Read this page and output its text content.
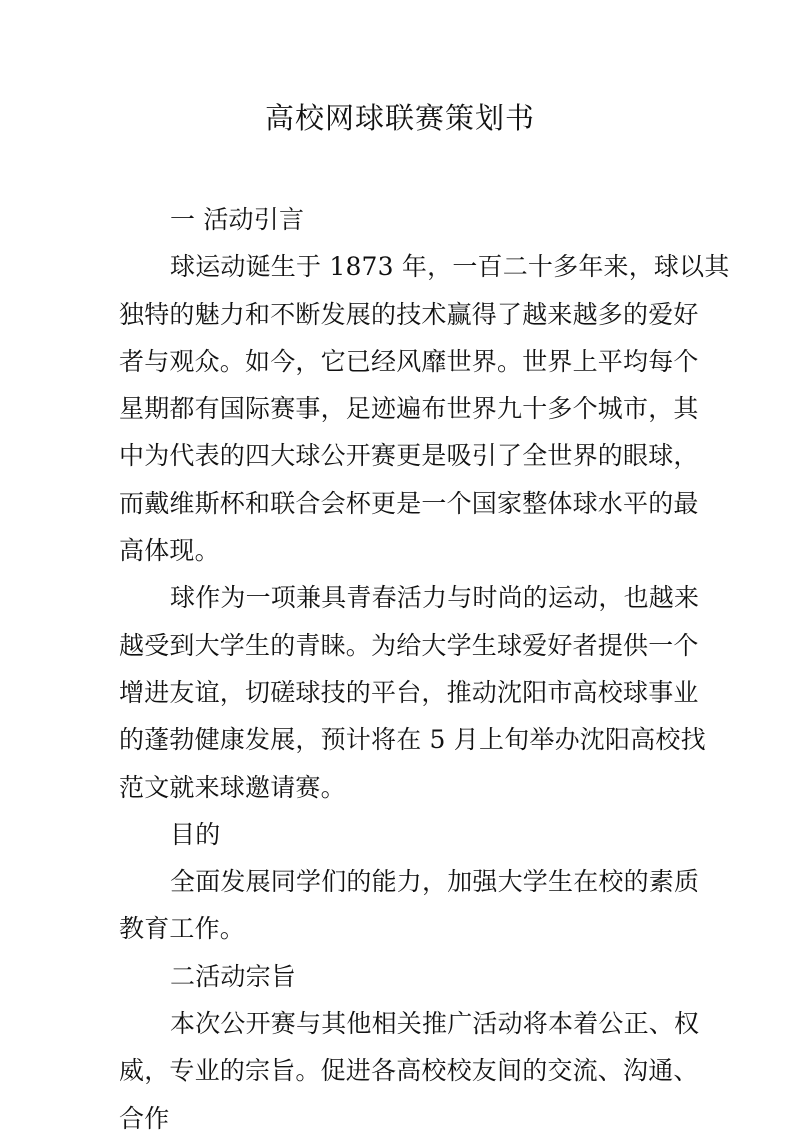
高校网球联赛策划书
一 活动引言
球运动诞生于 1873 年，一百二十多年来，球以其
独特的魅力和不断发展的技术赢得了越来越多的爱好
者与观众。如今，它已经风靡世界。世界上平均每个
星期都有国际赛事，足迹遍布世界九十多个城市，其
中为代表的四大球公开赛更是吸引了全世界的眼球，
而戴维斯杯和联合会杯更是一个国家整体球水平的最
高体现。
球作为一项兼具青春活力与时尚的运动，也越来
越受到大学生的青睐。为给大学生球爱好者提供一个
增进友谊，切磋球技的平台，推动沈阳市高校球事业
的蓬勃健康发展，预计将在 5 月上旬举办沈阳高校找
范文就来球邀请赛。
目的
全面发展同学们的能力，加强大学生在校的素质
教育工作。
二活动宗旨
本次公开赛与其他相关推广活动将本着公正、权
威，专业的宗旨。促进各高校校友间的交流、沟通、
合作
